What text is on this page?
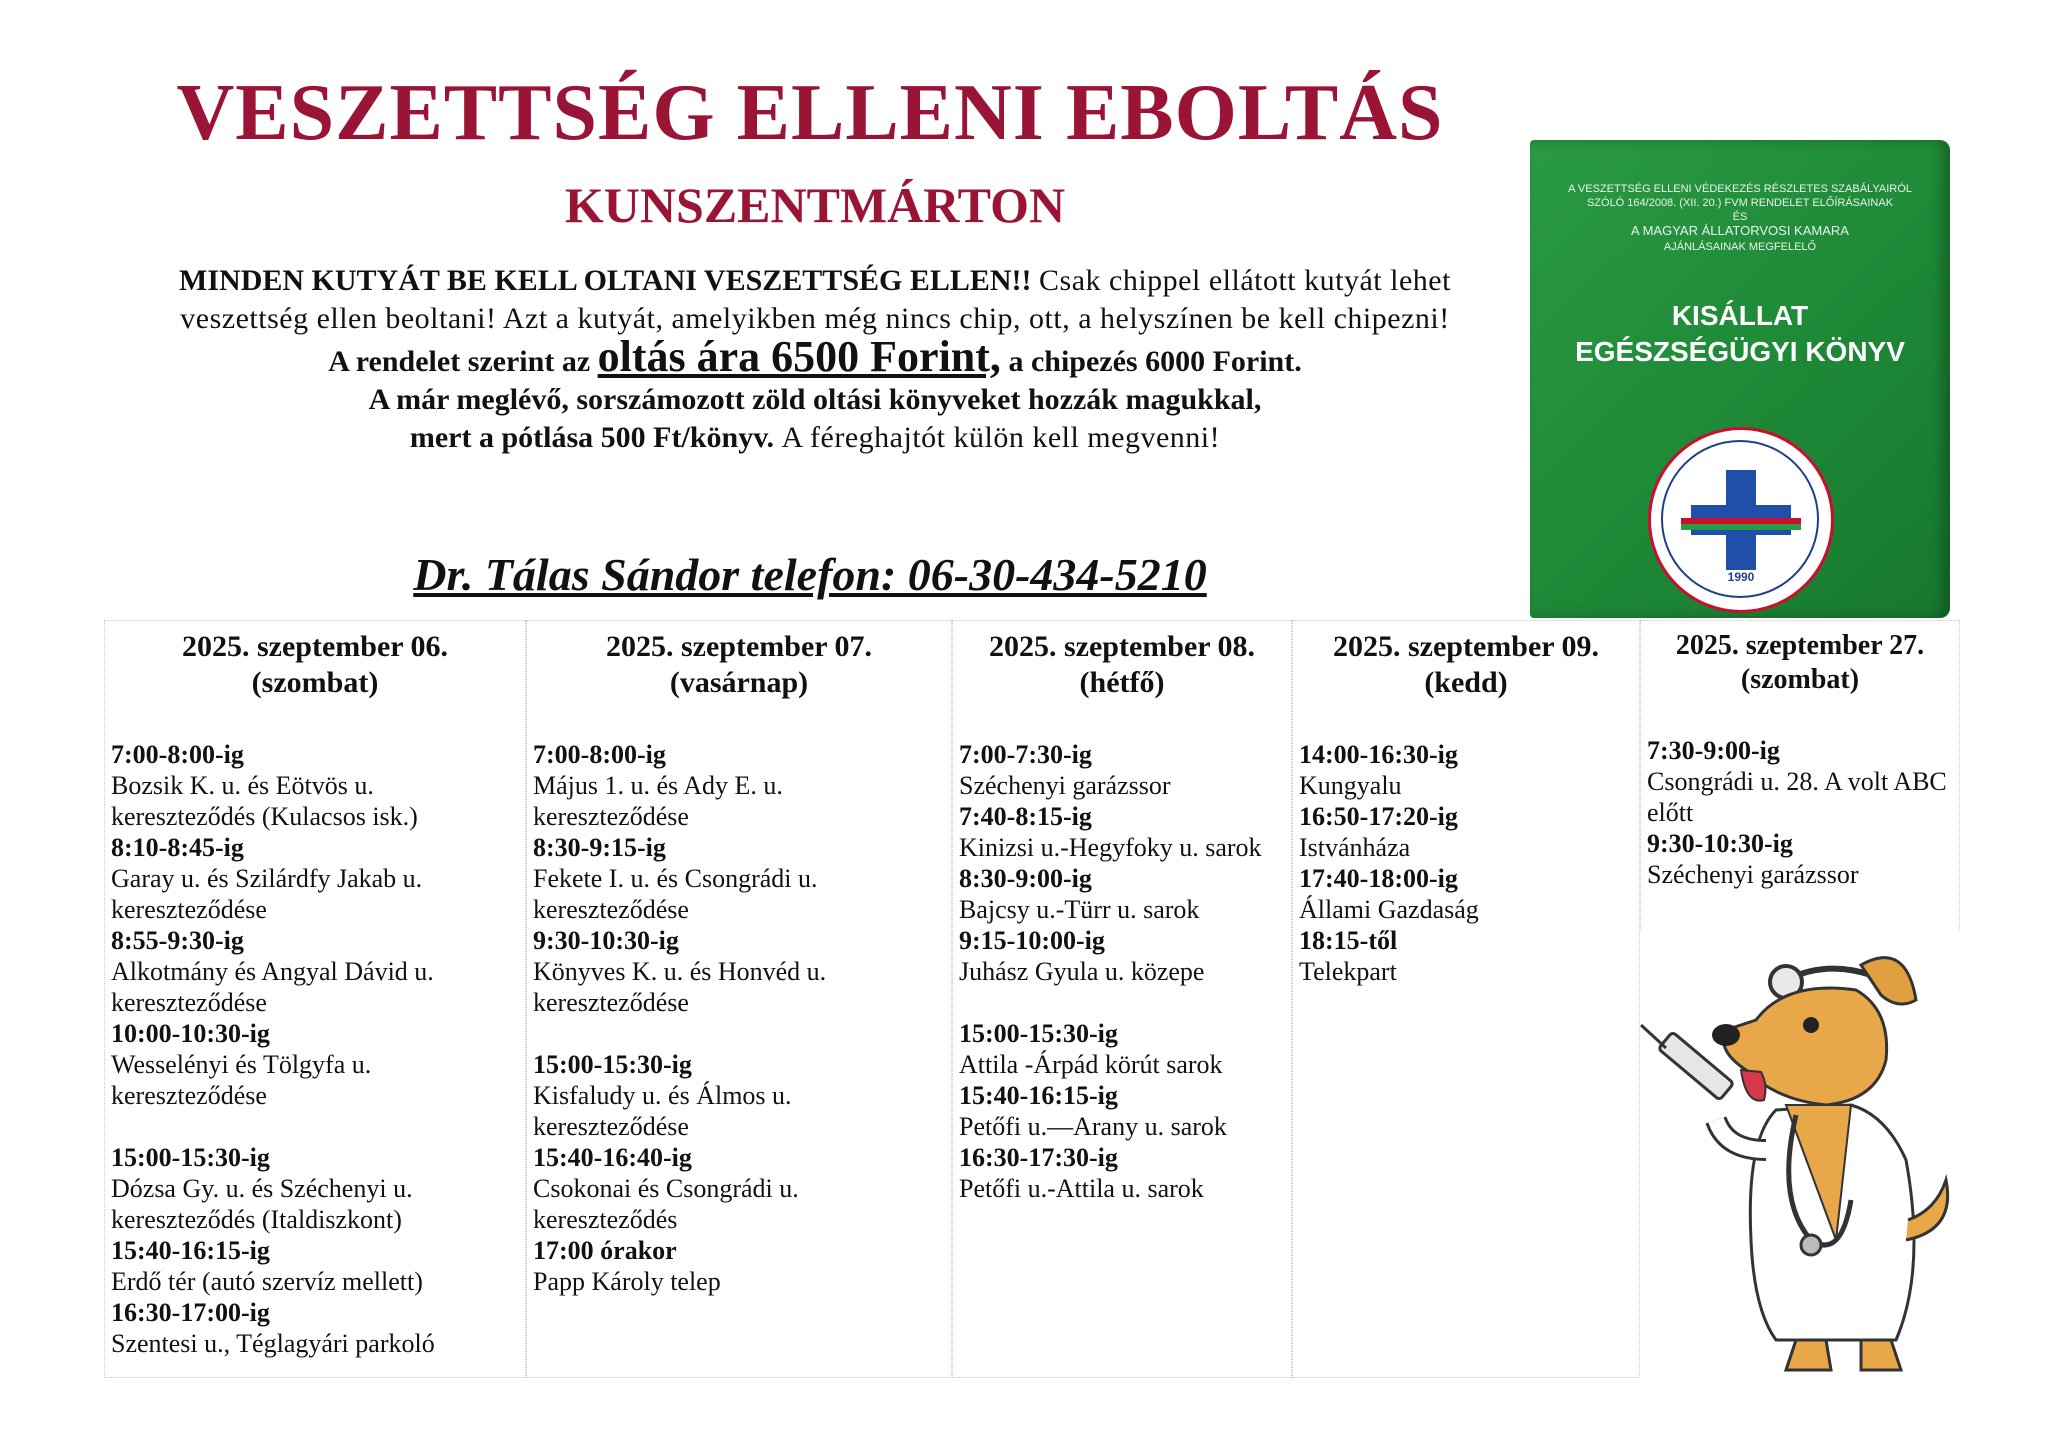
VESZETTSÉG ELLENI EBOLTÁS
KUNSZENTMÁRTON
MINDEN KUTYÁT BE KELL OLTANI VESZETTSÉG ELLEN!! Csak chippel ellátott kutyát lehet veszettség ellen beoltani! Azt a kutyát, amelyikben még nincs chip, ott, a helyszínen be kell chipezni!
A rendelet szerint az oltás ára 6500 Forint, a chipezés 6000 Forint.
A már meglévő, sorszámozott zöld oltási könyveket hozzák magukkal,
mert a pótlása 500 Ft/könyv. A féreghajtót külön kell megvenni!
Dr. Tálas Sándor telefon: 06-30-434-5210
A VESZETTSÉG ELLENI VÉDEKEZÉS RÉSZLETES SZABÁLYAIRÓL SZÓLÓ 164/2008. (XII. 20.) FVM RENDELET ELŐÍRÁSAINAK
ÉS
A MAGYAR ÁLLATORVOSI KAMARA
AJÁNLÁSAINAK MEGFELELŐ
KISÁLLAT
EGÉSZSÉGÜGYI KÖNYV
1990
2025. szeptember 06.
(szombat)
7:00-8:00-ig
Bozsik K. u. és Eötvös u. kereszteződés (Kulacsos isk.)
8:10-8:45-ig
Garay u. és Szilárdfy Jakab u. kereszteződése
8:55-9:30-ig
Alkotmány és Angyal Dávid u. kereszteződése
10:00-10:30-ig
Wesselényi és Tölgyfa u. kereszteződése
15:00-15:30-ig
Dózsa Gy. u. és Széchenyi u. kereszteződés (Italdiszkont)
15:40-16:15-ig
Erdő tér (autó szervíz mellett)
16:30-17:00-ig
Szentesi u., Téglagyári parkoló
2025. szeptember 07.
(vasárnap)
7:00-8:00-ig
Május 1. u. és Ady E. u. kereszteződése
8:30-9:15-ig
Fekete I. u. és Csongrádi u. kereszteződése
9:30-10:30-ig
Könyves K. u. és Honvéd u. kereszteződése
15:00-15:30-ig
Kisfaludy u. és Álmos u. kereszteződése
15:40-16:40-ig
Csokonai és Csongrádi u. kereszteződés
17:00 órakor
Papp Károly telep
2025. szeptember 08.
(hétfő)
7:00-7:30-ig
Széchenyi garázssor
7:40-8:15-ig
Kinizsi u.-Hegyfoky u. sarok
8:30-9:00-ig
Bajcsy u.-Türr u. sarok
9:15-10:00-ig
Juhász Gyula u. közepe
15:00-15:30-ig
Attila -Árpád körút sarok
15:40-16:15-ig
Petőfi u.—Arany u. sarok
16:30-17:30-ig
Petőfi u.-Attila u. sarok
2025. szeptember 09.
(kedd)
14:00-16:30-ig
Kungyalu
16:50-17:20-ig
Istvánháza
17:40-18:00-ig
Állami Gazdaság
18:15-től
Telekpart
2025. szeptember 27.
(szombat)
7:30-9:00-ig
Csongrádi u. 28. A volt ABC előtt
9:30-10:30-ig
Széchenyi garázssor
